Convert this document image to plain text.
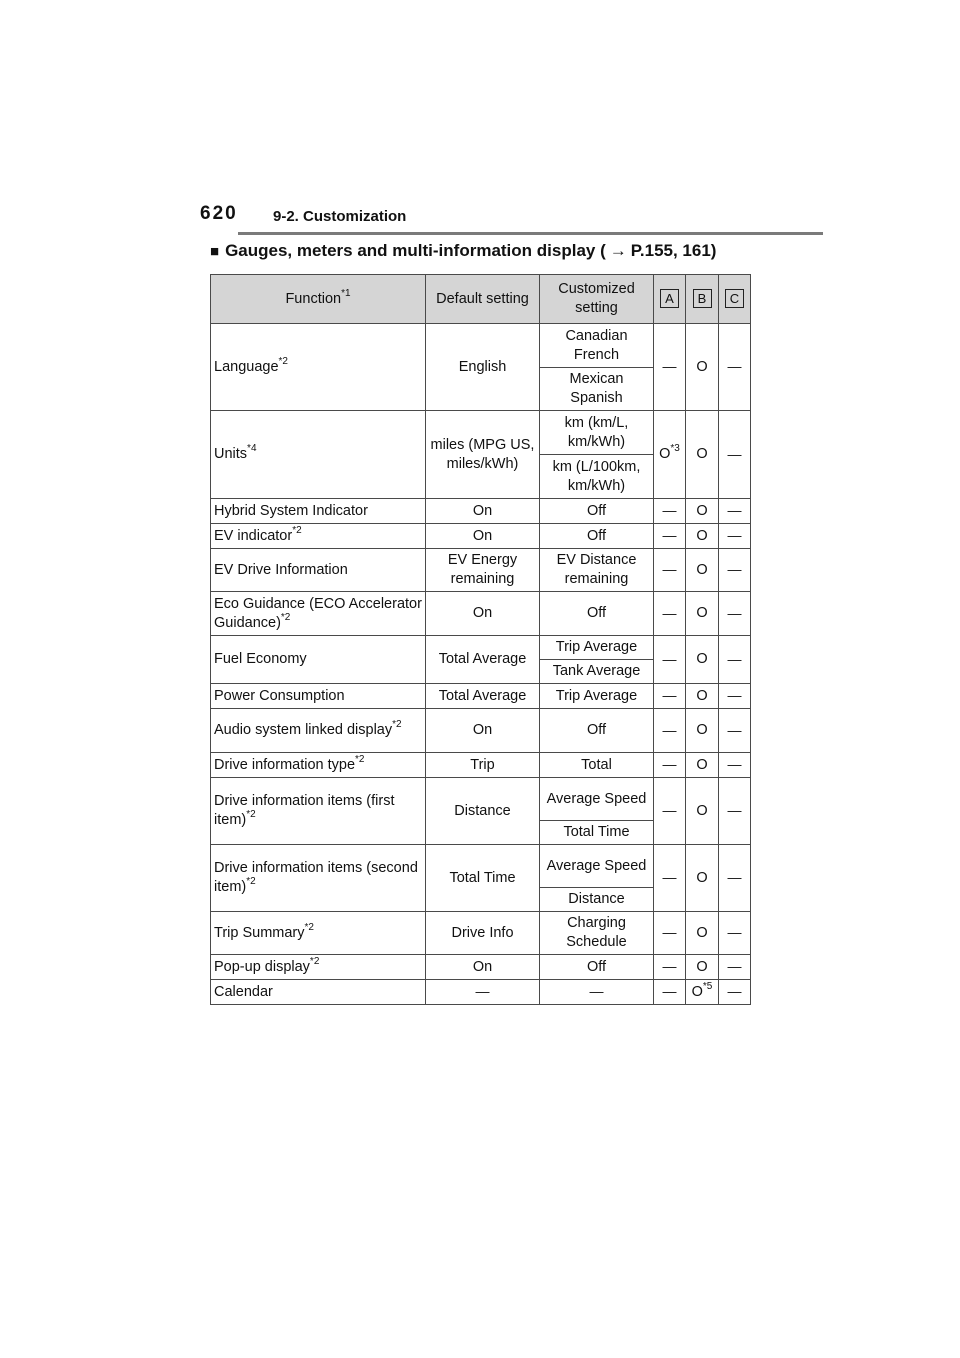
620 9-2. Customization
■ Gauges, meters and multi-information display ( → P.155, 161)
Function$^{*1}$	Default setting	Customized setting	A	B	C
Language$^{*2}$	English	Canadian French	—	O	—
		Mexican Spanish			
Units$^{*4}$	miles (MPG US, miles/kWh)	km (km/L, km/kWh)	$O^{*3}$	O	—
		km (L/100km, km/kWh)			
Hybrid System Indicator	On	Off	—	O	—
EV indicator$^{*2}$	On	Off	—	O	—
EV Drive Information	EV Energy remaining	EV Distance remaining	—	O	—
Eco Guidance (ECO Accelerator Guidance)$^{*2}$	On	Off	—	O	—
Fuel Economy	Total Average	Trip Average	—	O	—
		Tank Average			
Power Consumption	Total Average	Trip Average	—	O	—
Audio system linked display$^{*2}$	On	Off	—	O	—
Drive information type$^{*2}$	Trip	Total	—	O	—
Drive information items (first item)$^{*2}$	Distance	Average Speed	—	O	—
		Total Time			
Drive information items (second item)$^{*2}$	Total Time	Average Speed	—	O	—
		Distance			
Trip Summary$^{*2}$	Drive Info	Charging Schedule	—	O	—
Pop-up display$^{*2}$	On	Off	—	O	—
Calendar	—	—	—	$O^{*5}$	—
